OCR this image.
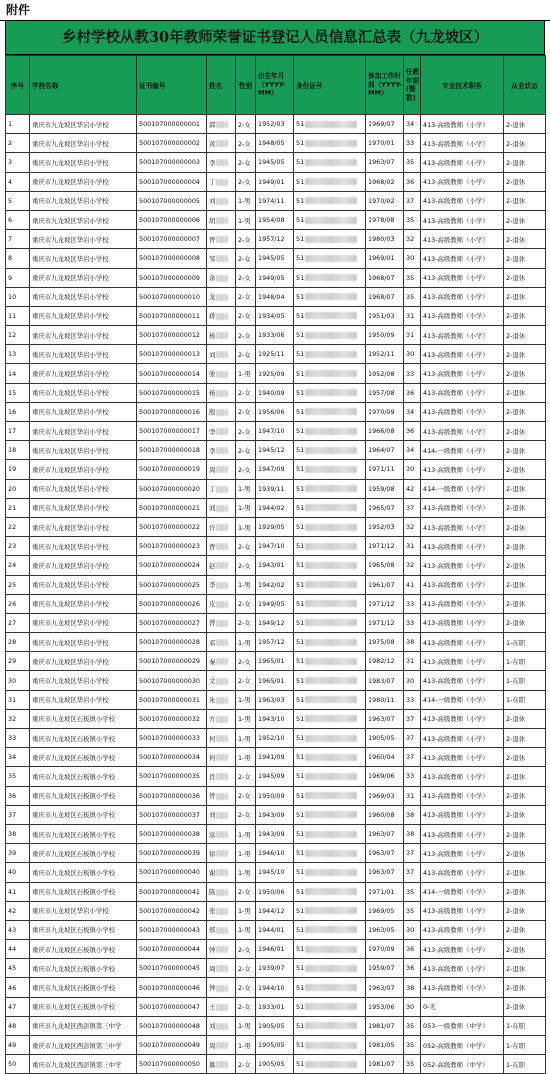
附件
乡村学校从教30年教师荣誉证书登记人员信息汇总表（九龙坡区）
序号	学校名称	证书编号	姓名	性别	出生年月（YYYY-MM）	身份证号	参加工作时间（YYYY-MM）	任教年限(整数)	专业技术职务	从业状态
1	重庆市九龙坡区华岩小学校	500107000000001	郭	2-女	1952/03	51	1969/07	34	413-高级教师（小学）	2-退休
2	重庆市九龙坡区华岩小学校	500107000000002	黄	2-女	1948/05	51	1970/01	33	413-高级教师（小学）	2-退休
3	重庆市九龙坡区华岩小学校	500107000000003	李	2-女	1945/05	51	1963/07	35	413-高级教师（小学）	2-退休
4	重庆市九龙坡区华岩小学校	500107000000004	丁	2-女	1949/01	51	1968/02	36	413-高级教师（小学）	2-退休
5	重庆市九龙坡区华岩小学校	500107000000005	刘	1-男	1974/11	51	1970/02	37	413-高级教师（小学）	2-退休
6	重庆市九龙坡区华岩小学校	500107000000006	胡	1-男	1954/08	51	1978/08	35	413-高级教师（小学）	2-退休
7	重庆市九龙坡区华岩小学校	500107000000007	曾	2-女	1957/12	51	1980/03	32	413-高级教师（小学）	2-退休
8	重庆市九龙坡区华岩小学校	500107000000008	邹	2-女	1945/05	51	1969/01	30	413-高级教师（小学）	2-退休
9	重庆市九龙坡区华岩小学校	500107000000009	余	2-女	1949/05	51	1968/07	35	413-高级教师（小学）	2-退休
10	重庆市九龙坡区华岩小学校	500107000000010	龙	2-女	1948/04	51	1968/07	35	413-高级教师（小学）	2-退休
11	重庆市九龙坡区华岩小学校	500107000000011	蒋	2-女	1934/05	51	1951/03	31	413-高级教师（小学）	2-退休
12	重庆市九龙坡区华岩小学校	500107000000012	杨	2-女	1933/06	51	1950/09	31	413-高级教师（小学）	2-退休
13	重庆市九龙坡区华岩小学校	500107000000013	刘	2-女	1925/11	51	1952/11	30	413-高级教师（小学）	2-退休
14	重庆市九龙坡区华岩小学校	500107000000014	张	1-男	1925/09	51	1952/08	33	413-高级教师（小学）	2-退休
15	重庆市九龙坡区华岩小学校	500107000000015	杨	2-女	1940/09	51	1957/08	36	413-高级教师（小学）	2-退休
16	重庆市九龙坡区华岩小学校	500107000000016	殷	2-女	1956/06	51	1970/09	34	413-高级教师（小学）	2-退休
17	重庆市九龙坡区华岩小学校	500107000000017	李	2-女	1947/10	51	1966/08	36	413-高级教师（小学）	2-退休
18	重庆市九龙坡区华岩小学校	500107000000018	李	2-女	1945/12	51	1964/07	34	414-一级教师（小学）	2-退休
19	重庆市九龙坡区华岩小学校	500107000000019	周	2-女	1947/09	51	1971/11	30	413-高级教师（小学）	2-退休
20	重庆市九龙坡区华岩小学校	500107000000020	丁	1-男	1939/11	51	1959/08	42	414-一级教师（小学）	2-退休
21	重庆市九龙坡区华岩小学校	500107000000021	刘	1-男	1944/02	51	1965/07	37	413-高级教师（小学）	2-退休
22	重庆市九龙坡区华岩小学校	500107000000022	许	1-男	1929/05	51	1952/03	32	413-高级教师（小学）	2-退休
23	重庆市九龙坡区华岩小学校	500107000000023	曾	2-女	1947/10	51	1971/12	31	413-高级教师（小学）	2-退休
24	重庆市九龙坡区华岩小学校	500107000000024	赵	2-女	1943/01	51	1965/08	32	413-高级教师（小学）	2-退休
25	重庆市九龙坡区华岩小学校	500107000000025	李	1-男	1942/02	51	1961/07	41	413-高级教师（小学）	2-退休
26	重庆市九龙坡区华岩小学校	500107000000026	皮	2-女	1949/05	51	1971/12	33	413-高级教师（小学）	2-退休
27	重庆市九龙坡区华岩小学校	500107000000027	曾	2-女	1949/12	51	1971/12	33	413-高级教师（小学）	2-退休
28	重庆市九龙坡区华岩小学校	500107000000028	邓	1-男	1957/12	51	1975/08	38	413-高级教师（小学）	1-在职
29	重庆市九龙坡区华岩小学校	500107000000029	秦	2-女	1965/01	51	1982/12	31	413-高级教师（小学）	1-在职
30	重庆市九龙坡区华岩小学校	500107000000030	文	2-女	1965/01	51	1983/07	30	413-高级教师（小学）	1-在职
31	重庆市九龙坡区华岩小学校	500107000000031	朱	1-男	1963/03	51	1980/11	33	414-一级教师（小学）	1-在职
32	重庆市九龙坡区石板镇小学校	500107000000032	方	1-男	1943/10	51	1963/07	37	413-高级教师（小学）	2-退休
33	重庆市九龙坡区石板镇小学校	500107000000033	何	1-男	1952/10	51	1905/05	37	413-高级教师（小学）	2-退休
34	重庆市九龙坡区石板镇小学校	500107000000034	何	1-男	1941/09	51	1960/04	37	413-高级教师（小学）	2-退休
35	重庆市九龙坡区石板镇小学校	500107000000035	肖	2-女	1945/09	51	1969/06	33	413-高级教师（小学）	2-退休
36	重庆市九龙坡区石板镇小学校	500107000000036	曾	2-女	1950/09	51	1969/03	31	413-高级教师（小学）	2-退休
37	重庆市九龙坡区石板镇小学校	500107000000037	刘	2-女	1943/09	51	1960/08	38	413-高级教师（小学）	2-退休
38	重庆市九龙坡区石板镇小学校	500107000000038	涂	1-男	1943/09	51	1963/07	38	413-高级教师（小学）	2-退休
39	重庆市九龙坡区石板镇小学校	500107000000039	徐	1-男	1946/10	51	1963/07	37	413-高级教师（小学）	2-退休
40	重庆市九龙坡区石板镇小学校	500107000000040	谢	1-男	1945/10	51	1963/07	37	413-高级教师（小学）	2-退休
41	重庆市九龙坡区石板镇小学校	500107000000041	陈	2-女	1950/06	51	1971/01	35	414-一级教师（小学）	2-退休
42	重庆市九龙坡区华岩小学校	500107000000042	张	1-男	1944/12	51	1969/05	35	413-高级教师（小学）	2-退休
43	重庆市九龙坡区石板镇小学校	500107000000043	郑	1-男	1944/01	51	1963/05	30	413-高级教师（小学）	2-退休
44	重庆市九龙坡区石板镇小学校	500107000000044	钟	2-女	1946/01	51	1970/09	36	413-高级教师（小学）	2-退休
45	重庆市九龙坡区石板镇小学校	500107000000045	周	2-女	1939/07	51	1959/07	36	413-高级教师（小学）	2-退休
46	重庆市九龙坡区石板镇小学校	500107000000046	钟	2-女	1944/10	51	1963/07	38	413-高级教师（小学）	2-退休
47	重庆市九龙坡区石板镇小学校	500107000000047	王	2-女	1933/01	51	1953/06	30	0-无	2-退休
48	重庆市九龙坡区西彭镇第三中学	500107000000048	刘	1-男	1905/05	51	1981/07	35	053-一级教师（中学）	1-在职
49	重庆市九龙坡区西彭镇第三中学	500107000000049	周	1-男	1905/05	51	1981/05	35	052-高级教师（中学）	1-在职
50	重庆市九龙坡区西彭镇第三中学	500107000000050	慕	2-女	1905/05	51	1981/07	35	052-高级教师（中学）	1-在职
